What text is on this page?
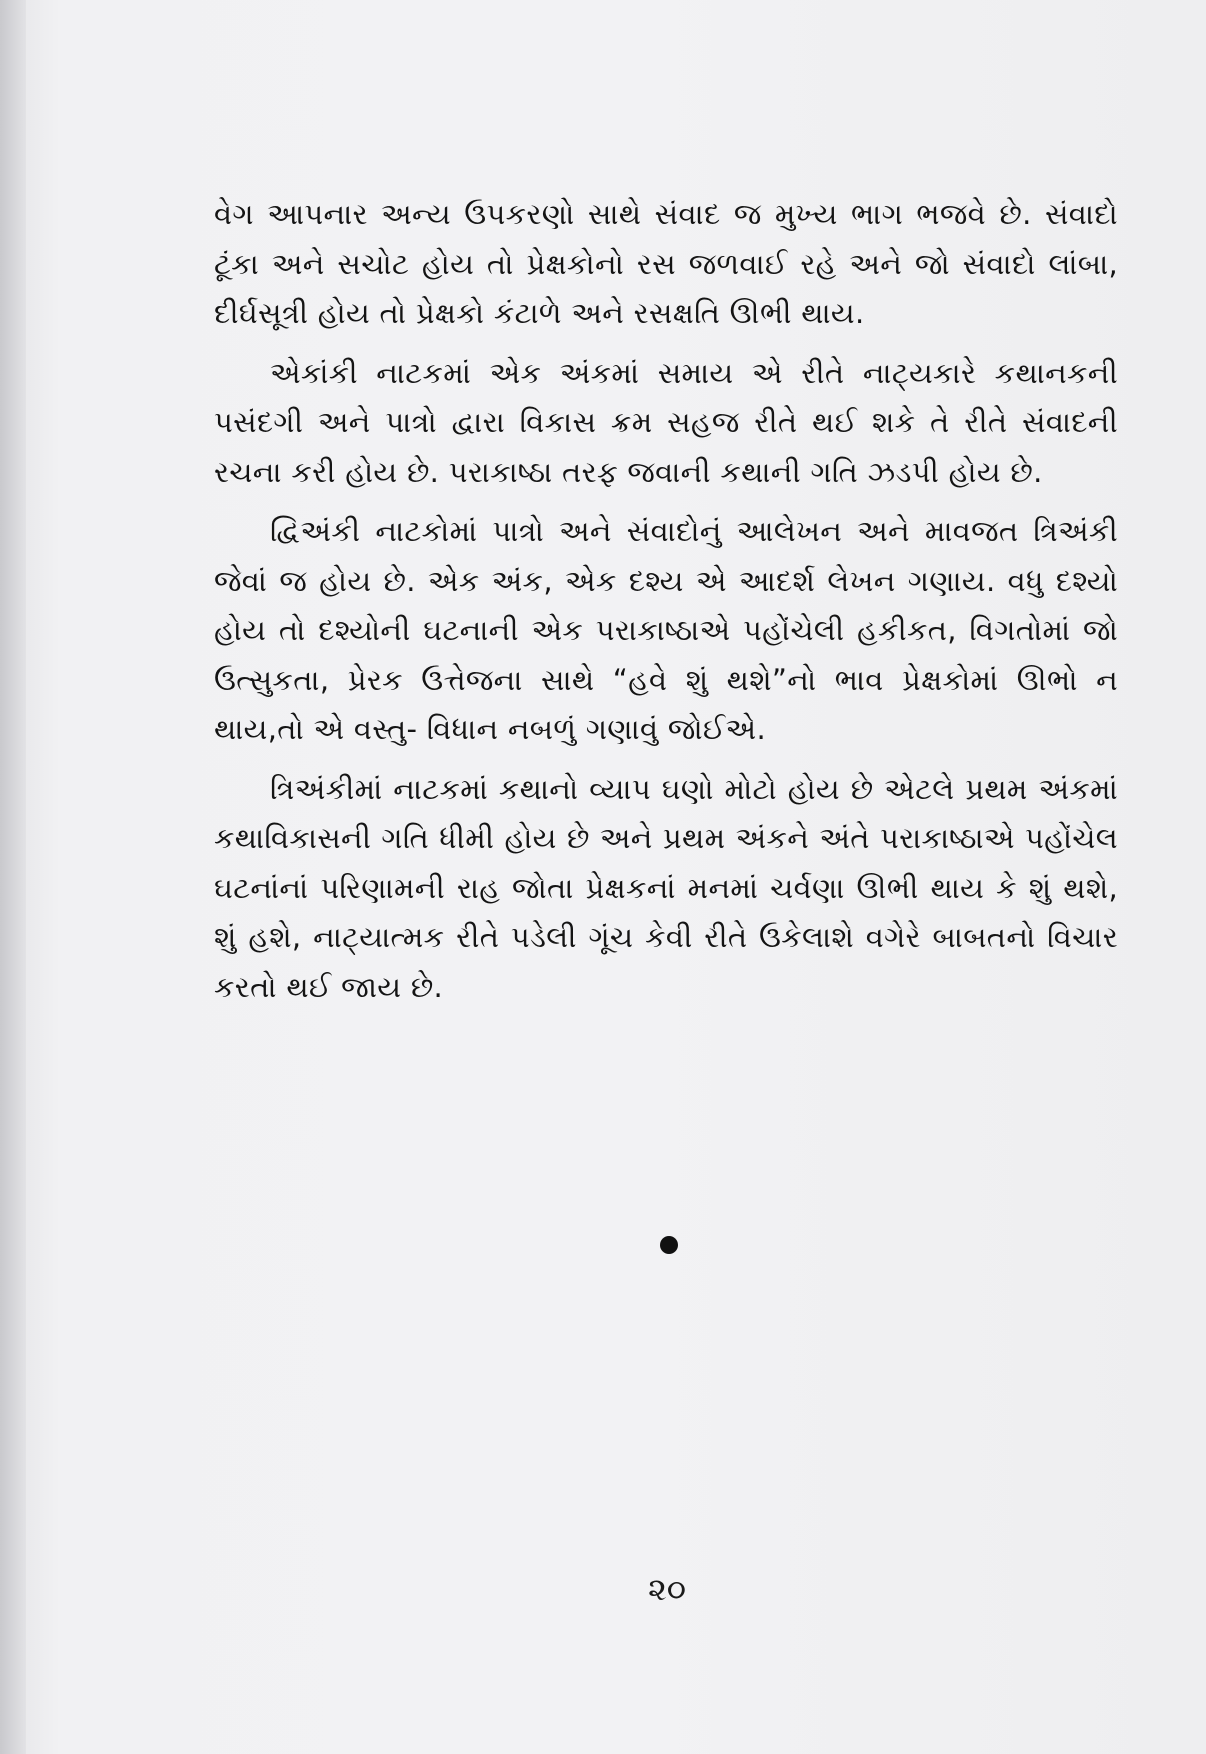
વેગ આપનાર અન્ય ઉપકરણો સાથે સંવાદ જ મુખ્ય ભાગ ભજવે છે. સંવાદો ટૂંકા અને સચોટ હોય તો પ્રેક્ષકોનો રસ જળવાઈ રહે અને જો સંવાદો લાંબા, દીર્ઘસૂત્રી હોય તો પ્રેક્ષકો કંટાળે અને રસક્ષતિ ઊભી થાય.

એકાંકી નાટકમાં એક અંકમાં સમાય એ રીતે નાટ્યકારે કથાનકની પસંદગી અને પાત્રો દ્વારા વિકાસ ક્રમ સહજ રીતે થઈ શકે તે રીતે સંવાદની રચના કરી હોય છે. પરાકાષ્ઠા તરફ જવાની કથાની ગતિ ઝડપી હોય છે.

દ્વિઅંકી નાટકોમાં પાત્રો અને સંવાદોનું આલેખન અને માવજત ત્રિઅંકી જેવાં જ હોય છે. એક અંક, એક દશ્ય એ આદર્શ લેખન ગણાય. વધુ દશ્યો હોય તો દશ્યોની ઘટનાની એક પરાકાષ્ઠાએ પહોંચેલી હકીકત, વિગતોમાં જો ઉત્સુકતા, પ્રેરક ઉત્તેજના સાથે “હવે શું થશે”નો ભાવ પ્રેક્ષકોમાં ઊભો ન થાય,તો એ વસ્તુ- વિધાન નબળું ગણાવું જોઈએ.

ત્રિઅંકીમાં નાટકમાં કથાનો વ્યાપ ઘણો મોટો હોય છે એટલે પ્રથમ અંકમાં કથાવિકાસની ગતિ ધીમી હોય છે અને પ્રથમ અંકને અંતે પરાકાષ્ઠાએ પહોંચેલ ઘટનાંનાં પરિણામની રાહ જોતા પ્રેક્ષકનાં મનમાં ચર્વણા ઊભી થાય કે શું થશે, શું હશે, નાટ્યાત્મક રીતે પડેલી ગૂંચ કેવી રીતે ઉકેલાશે વગેરે બાબતનો વિચાર કરતો થઈ જાય છે.

૨૦
